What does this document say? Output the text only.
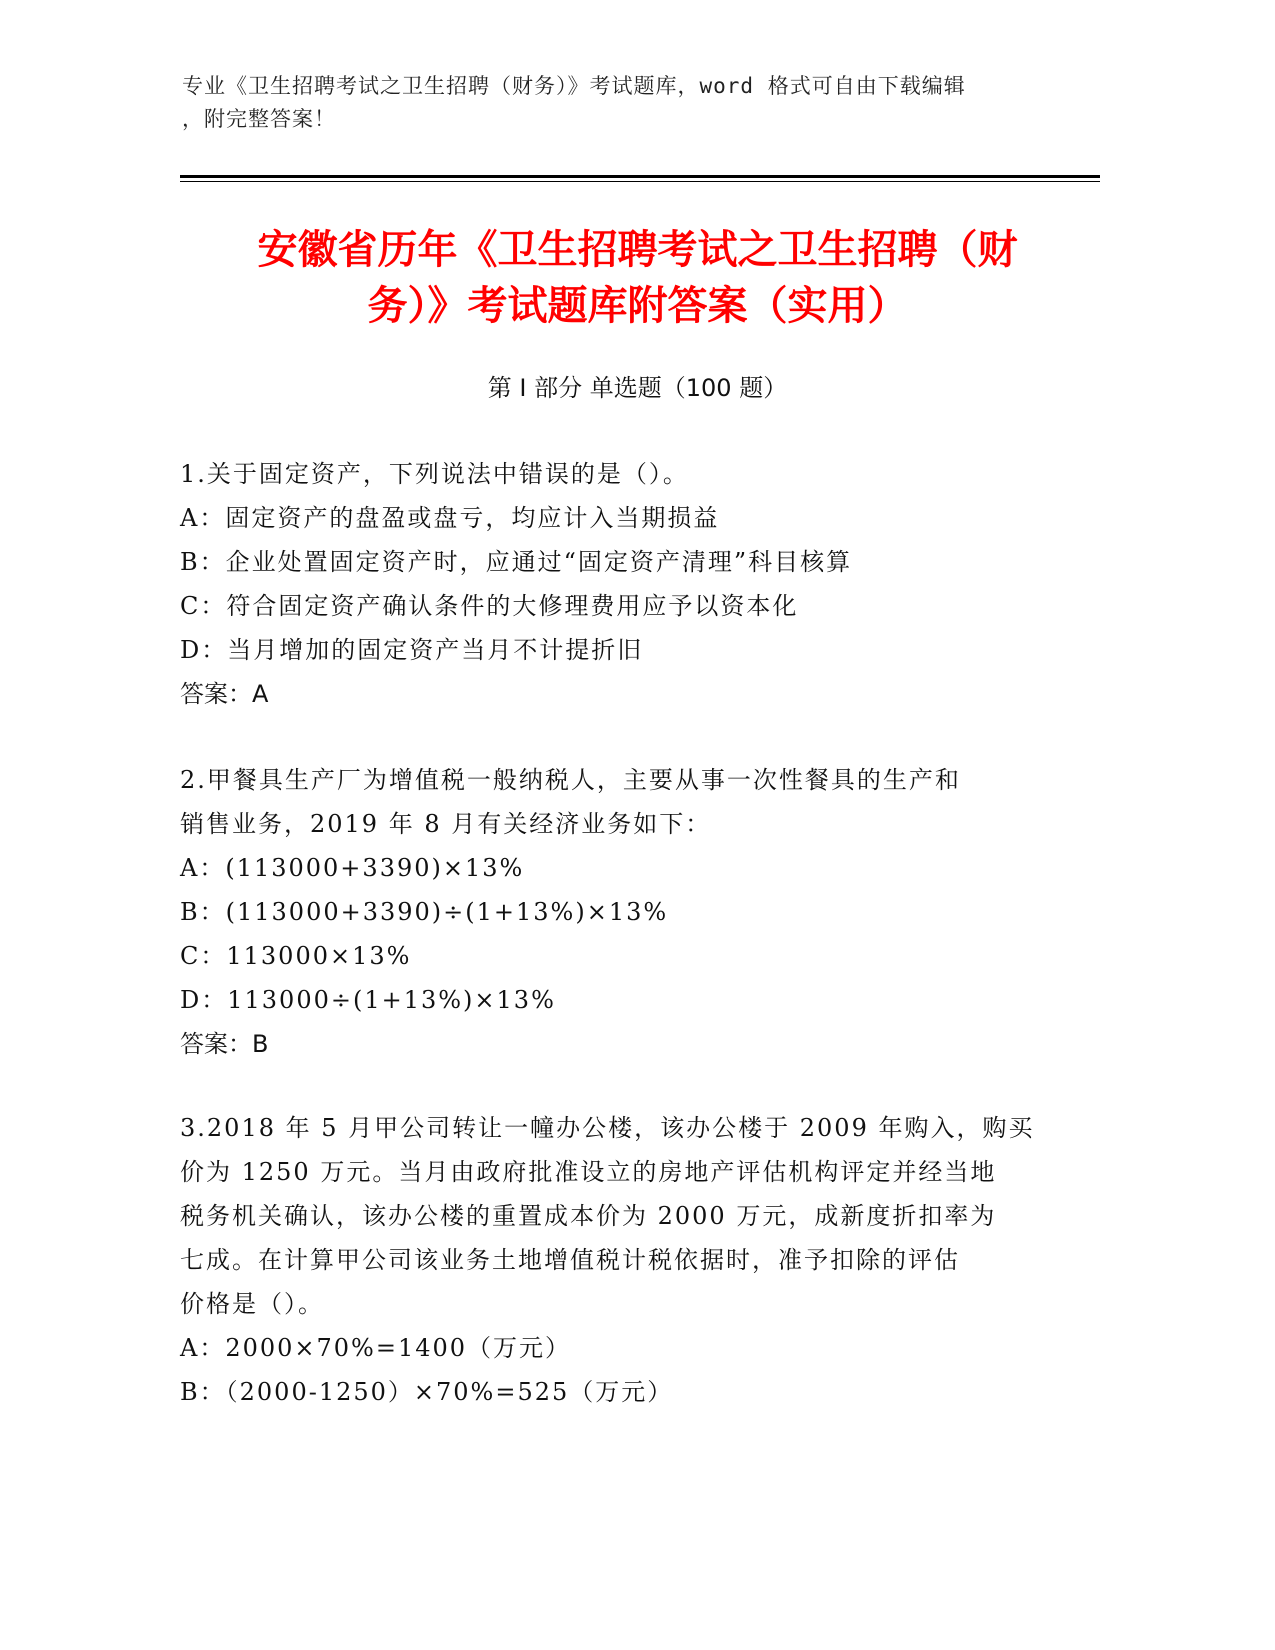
专业《卫生招聘考试之卫生招聘（财务）》考试题库，word 格式可自由下载编辑
，附完整答案！
安徽省历年《卫生招聘考试之卫生招聘（财
务）》考试题库附答案（实用）
第 I 部分 单选题（100 题）
1.关于固定资产，下列说法中错误的是（）。
A：固定资产的盘盈或盘亏，均应计入当期损益
B：企业处置固定资产时，应通过“固定资产清理”科目核算
C：符合固定资产确认条件的大修理费用应予以资本化
D：当月增加的固定资产当月不计提折旧
答案：A
2.甲餐具生产厂为增值税一般纳税人，主要从事一次性餐具的生产和
销售业务，2019 年 8 月有关经济业务如下：
A：(113000+3390)×13%
B：(113000+3390)÷(1+13%)×13%
C：113000×13%
D：113000÷(1+13%)×13%
答案：B
3.2018 年 5 月甲公司转让一幢办公楼，该办公楼于 2009 年购入，购买
价为 1250 万元。当月由政府批准设立的房地产评估机构评定并经当地
税务机关确认，该办公楼的重置成本价为 2000 万元，成新度折扣率为
七成。在计算甲公司该业务土地增值税计税依据时，准予扣除的评估
价格是（）。
A：2000×70%=1400（万元）
B：（2000-1250）×70%=525（万元）
